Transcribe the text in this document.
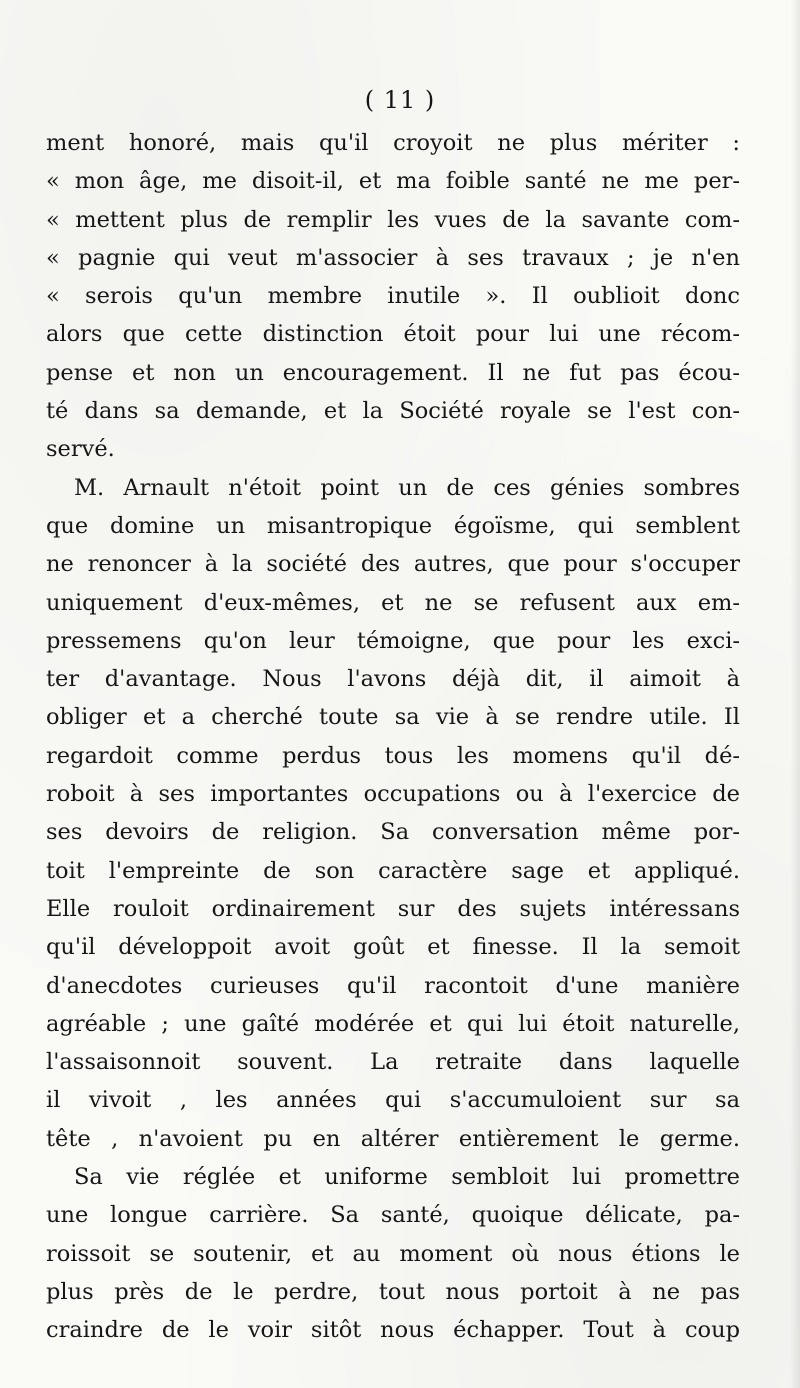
( 11 )
ment honoré, mais qu'il croyoit ne plus mériter :
« mon âge, me disoit-il, et ma foible santé ne me per-
« mettent plus de remplir les vues de la savante com-
« pagnie qui veut m'associer à ses travaux ; je n'en
« serois qu'un membre inutile ». Il oublioit donc
alors que cette distinction étoit pour lui une récom-
pense et non un encouragement. Il ne fut pas écou-
té dans sa demande, et la Société royale se l'est con-
servé.
M. Arnault n'étoit point un de ces génies sombres
que domine un misantropique égoïsme, qui semblent
ne renoncer à la société des autres, que pour s'occuper
uniquement d'eux-mêmes, et ne se refusent aux em-
pressemens qu'on leur témoigne, que pour les exci-
ter d'avantage. Nous l'avons déjà dit, il aimoit à
obliger et a cherché toute sa vie à se rendre utile. Il
regardoit comme perdus tous les momens qu'il dé-
roboit à ses importantes occupations ou à l'exercice de
ses devoirs de religion. Sa conversation même por-
toit l'empreinte de son caractère sage et appliqué.
Elle rouloit ordinairement sur des sujets intéressans
qu'il développoit avoit goût et finesse. Il la semoit
d'anecdotes curieuses qu'il racontoit d'une manière
agréable ; une gaîté modérée et qui lui étoit naturelle,
l'assaisonnoit souvent. La retraite dans laquelle
il vivoit , les années qui s'accumuloient sur sa
tête , n'avoient pu en altérer entièrement le germe.
Sa vie réglée et uniforme sembloit lui promettre
une longue carrière. Sa santé, quoique délicate, pa-
roissoit se soutenir, et au moment où nous étions le
plus près de le perdre, tout nous portoit à ne pas
craindre de le voir sitôt nous échapper. Tout à coup
